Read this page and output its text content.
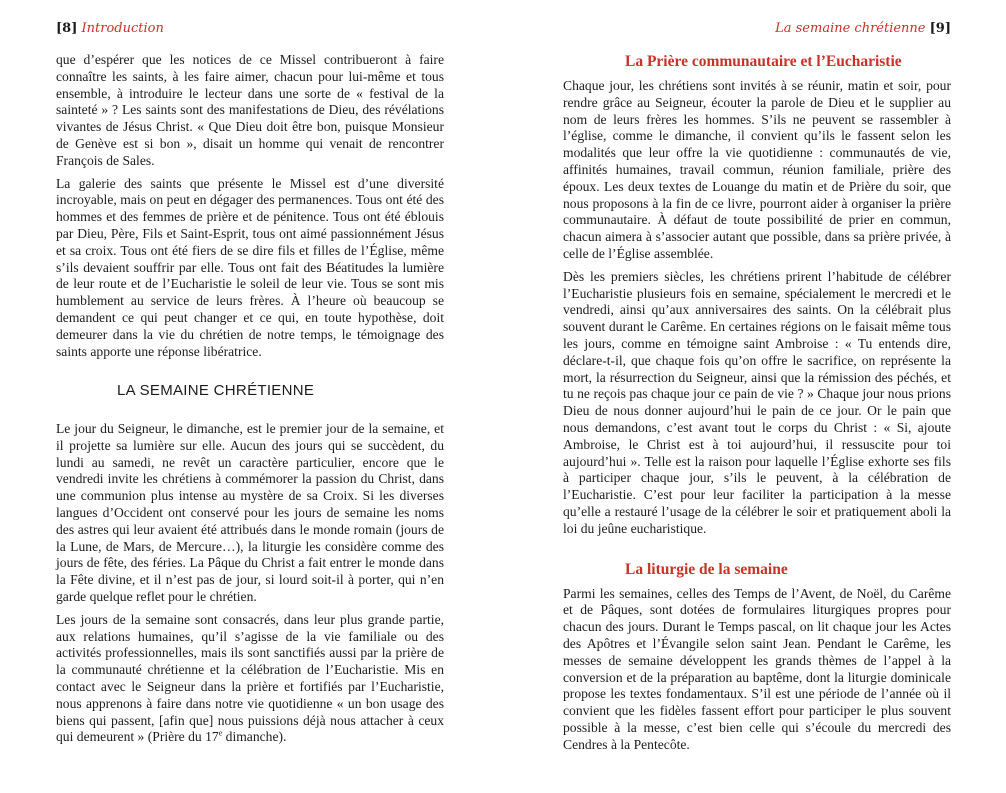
[8] Introduction

que d’espérer que les notices de ce Missel contribueront à faire connaître les saints, à les faire aimer, chacun pour lui-même et tous ensemble, à introduire le lecteur dans une sorte de « festival de la sainteté » ? Les saints sont des manifestations de Dieu, des révélations vivantes de Jésus Christ. « Que Dieu doit être bon, puisque Monsieur de Genève est si bon », disait un homme qui venait de rencontrer François de Sales.

La galerie des saints que présente le Missel est d’une diversité incroyable, mais on peut en dégager des permanences. Tous ont été des hommes et des femmes de prière et de pénitence. Tous ont été éblouis par Dieu, Père, Fils et Saint-Esprit, tous ont aimé passionnément Jésus et sa croix. Tous ont été fiers de se dire fils et filles de l’Église, même s’ils devaient souffrir par elle. Tous ont fait des Béatitudes la lumière de leur route et de l’Eucharistie le soleil de leur vie. Tous se sont mis humblement au service de leurs frères. À l’heure où beaucoup se demandent ce qui peut changer et ce qui, en toute hypothèse, doit demeurer dans la vie du chrétien de notre temps, le témoignage des saints apporte une réponse libératrice.

LA SEMAINE CHRÉTIENNE

Le jour du Seigneur, le dimanche, est le premier jour de la semaine, et il projette sa lumière sur elle. Aucun des jours qui se succèdent, du lundi au samedi, ne revêt un caractère particulier, encore que le vendredi invite les chrétiens à commémorer la passion du Christ, dans une communion plus intense au mystère de sa Croix. Si les diverses langues d’Occident ont conservé pour les jours de semaine les noms des astres qui leur avaient été attribués dans le monde romain (jours de la Lune, de Mars, de Mercure…), la liturgie les considère comme des jours de fête, des féries. La Pâque du Christ a fait entrer le monde dans la Fête divine, et il n’est pas de jour, si lourd soit-il à porter, qui n’en garde quelque reflet pour le chrétien.

Les jours de la semaine sont consacrés, dans leur plus grande partie, aux relations humaines, qu’il s’agisse de la vie familiale ou des activités professionnelles, mais ils sont sanctifiés aussi par la prière de la communauté chrétienne et la célébration de l’Eucharistie. Mis en contact avec le Seigneur dans la prière et fortifiés par l’Eucharistie, nous apprenons à faire dans notre vie quotidienne « un bon usage des biens qui passent, [afin que] nous puissions déjà nous attacher à ceux qui demeurent » (Prière du 17e dimanche).

La semaine chrétienne [9]
La Prière communautaire et l’Eucharistie

Chaque jour, les chrétiens sont invités à se réunir, matin et soir, pour rendre grâce au Seigneur, écouter la parole de Dieu et le supplier au nom de leurs frères les hommes. S’ils ne peuvent se rassembler à l’église, comme le dimanche, il convient qu’ils le fassent selon les modalités que leur offre la vie quotidienne : communautés de vie, affinités humaines, travail commun, réunion familiale, prière des époux. Les deux textes de Louange du matin et de Prière du soir, que nous proposons à la fin de ce livre, pourront aider à organiser la prière communautaire. À défaut de toute possibilité de prier en commun, chacun aimera à s’associer autant que possible, dans sa prière privée, à celle de l’Église assemblée.

Dès les premiers siècles, les chrétiens prirent l’habitude de célébrer l’Eucharistie plusieurs fois en semaine, spécialement le mercredi et le vendredi, ainsi qu’aux anniversaires des saints. On la célébrait plus souvent durant le Carême. En certaines régions on le faisait même tous les jours, comme en témoigne saint Ambroise : « Tu entends dire, déclare-t-il, que chaque fois qu’on offre le sacrifice, on représente la mort, la résurrection du Seigneur, ainsi que la rémission des péchés, et tu ne reçois pas chaque jour ce pain de vie ? » Chaque jour nous prions Dieu de nous donner aujourd’hui le pain de ce jour. Or le pain que nous demandons, c’est avant tout le corps du Christ : « Si, ajoute Ambroise, le Christ est à toi aujourd’hui, il ressuscite pour toi aujourd’hui ». Telle est la raison pour laquelle l’Église exhorte ses fils à participer chaque jour, s’ils le peuvent, à la célébration de l’Eucharistie. C’est pour leur faciliter la participation à la messe qu’elle a restauré l’usage de la célébrer le soir et pratiquement aboli la loi du jeûne eucharistique.

La liturgie de la semaine

Parmi les semaines, celles des Temps de l’Avent, de Noël, du Carême et de Pâques, sont dotées de formulaires liturgiques propres pour chacun des jours. Durant le Temps pascal, on lit chaque jour les Actes des Apôtres et l’Évangile selon saint Jean. Pendant le Carême, les messes de semaine développent les grands thèmes de l’appel à la conversion et de la préparation au baptême, dont la liturgie dominicale propose les textes fondamentaux. S’il est une période de l’année où il convient que les fidèles fassent effort pour participer le plus souvent possible à la messe, c’est bien celle qui s’écoule du mercredi des Cendres à la Pentecôte.
